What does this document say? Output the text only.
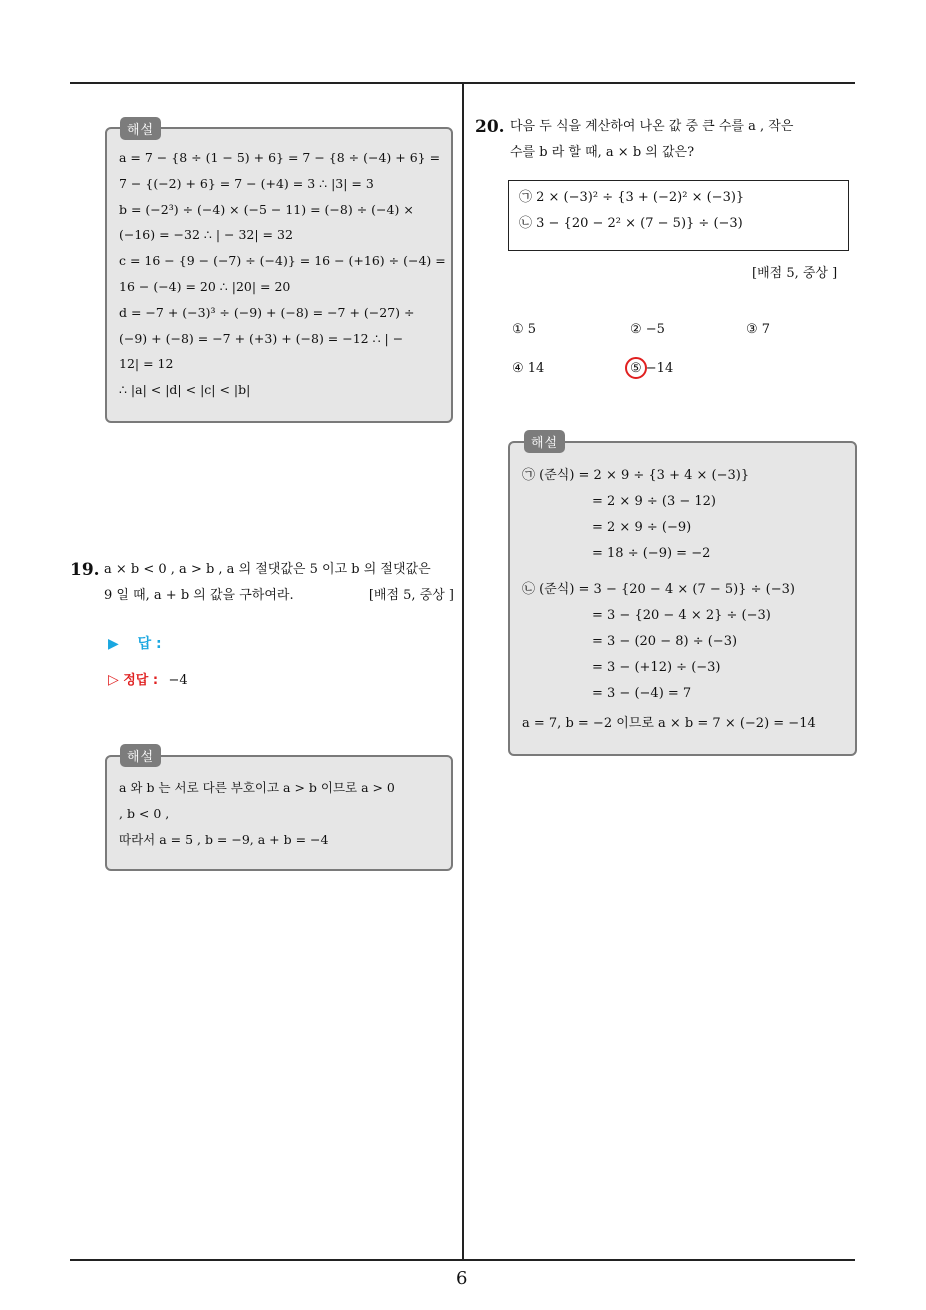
6
a = 7 − {8 ÷ (1 − 5) + 6} = 7 − {8 ÷ (−4) + 6} =
7 − {(−2) + 6} = 7 − (+4) = 3 ∴ |3| = 3
b = (−2³) ÷ (−4) × (−5 − 11) = (−8) ÷ (−4) ×
(−16) = −32 ∴ | − 32| = 32
c = 16 − {9 − (−7) ÷ (−4)} = 16 − (+16) ÷ (−4) =
16 − (−4) = 20 ∴ |20| = 20
d = −7 + (−3)³ ÷ (−9) + (−8) = −7 + (−27) ÷
(−9) + (−8) = −7 + (+3) + (−8) = −12 ∴ | −
12| = 12
∴ |a| < |d| < |c| < |b|
해설
19. a × b < 0 , a > b , a 의 절댓값은 5 이고 b 의 절댓값은
9 일 때, a + b 의 값을 구하여라.	[배점 5, 중상 ]
▶ 답 :
▷ 정답 : −4
a 와 b 는 서로 다른 부호이고 a > b 이므로 a > 0
, b < 0 ,
따라서 a = 5 , b = −9, a + b = −4
해설
20. 다음 두 식을 계산하여 나온 값 중 큰 수를 a , 작은
수를 b 라 할 때, a × b 의 값은?
㉠ 2 × (−3)² ÷ {3 + (−2)² × (−3)}
㉡ 3 − {20 − 2² × (7 − 5)} ÷ (−3)
[배점 5, 중상 ]
① 5	② −5	③ 7
④ 14	⑤ −14
㉠ (준식) = 2 × 9 ÷ {3 + 4 × (−3)}
= 2 × 9 ÷ (3 − 12)
= 2 × 9 ÷ (−9)
= 18 ÷ (−9) = −2
㉡ (준식) = 3 − {20 − 4 × (7 − 5)} ÷ (−3)
= 3 − {20 − 4 × 2} ÷ (−3)
= 3 − (20 − 8) ÷ (−3)
= 3 − (+12) ÷ (−3)
= 3 − (−4) = 7
a = 7, b = −2 이므로 a × b = 7 × (−2) = −14
해설
